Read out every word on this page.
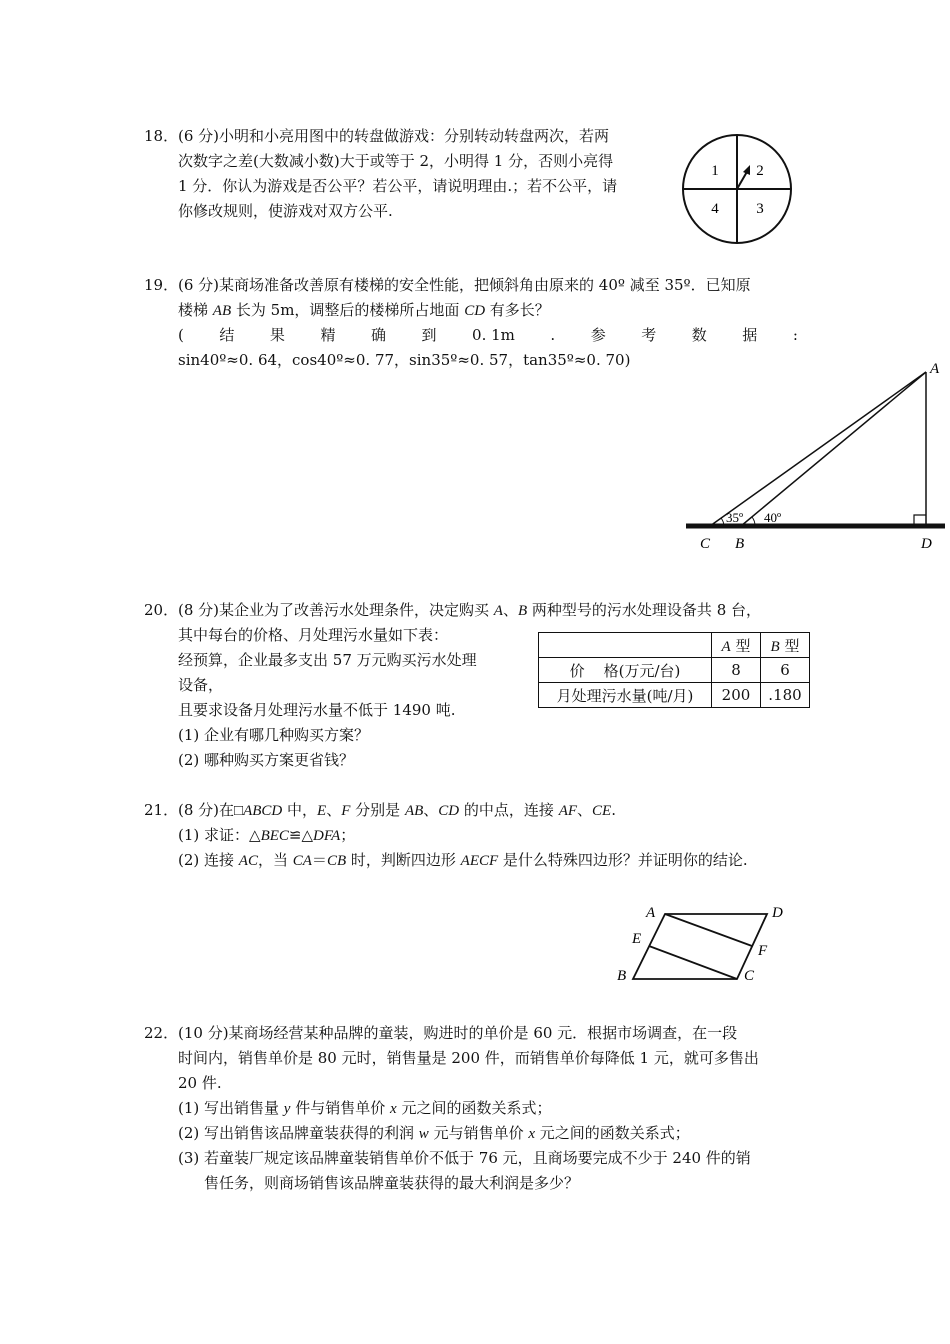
18． (6 分)小明和小亮用图中的转盘做游戏：分别转动转盘两次，若两
次数字之差(大数减小数)大于或等于 2，小明得 1 分，否则小亮得
1 分．你认为游戏是否公平？若公平，请说明理由.；若不公平，请
你修改规则，使游戏对双方公平.
1	2
4	3
19． (6 分)某商场准备改善原有楼梯的安全性能，把倾斜角由原来的 40º 减至 35º．已知原
楼梯 AB 长为 5m，调整后的楼梯所占地面 CD 有多长？
( 结 果 精 确 到 0. 1m . 参 考 数 据 :
sin40º≈0. 64，cos40º≈0. 77，sin35º≈0. 57，tan35º≈0. 70)	A
C B	D
35º 40º
20． (8 分)某企业为了改善污水处理条件，决定购买 A、B 两种型号的污水处理设备共 8 台，
其中每台的价格、月处理污水量如下表：
经预算，企业最多支出 57 万元购买污水处理
设备，
且要求设备月处理污水量不低于 1490 吨.
(1) 企业有哪几种购买方案？
(2) 哪种购买方案更省钱？
	A 型	B 型
价    格(万元/台)	8	6
月处理污水量(吨/月)	200	.180
21． (8 分)在□ABCD 中，E、F 分别是 AB、CD 的中点，连接 AF、CE.
(1) 求证：△BEC≌△DFA；
(2) 连接 AC，当 CA＝CB 时，判断四边形 AECF 是什么特殊四边形？并证明你的结论.
A	D
E
F
B	C
22． (10 分)某商场经营某种品牌的童装，购进时的单价是 60 元．根据市场调查，在一段
时间内，销售单价是 80 元时，销售量是 200 件，而销售单价每降低 1 元，就可多售出
20 件.
(1) 写出销售量 y 件与销售单价 x 元之间的函数关系式；
(2) 写出销售该品牌童装获得的利润 w 元与销售单价 x 元之间的函数关系式；
(3) 若童装厂规定该品牌童装销售单价不低于 76 元，且商场要完成不少于 240 件的销
售任务，则商场销售该品牌童装获得的最大利润是多少？
